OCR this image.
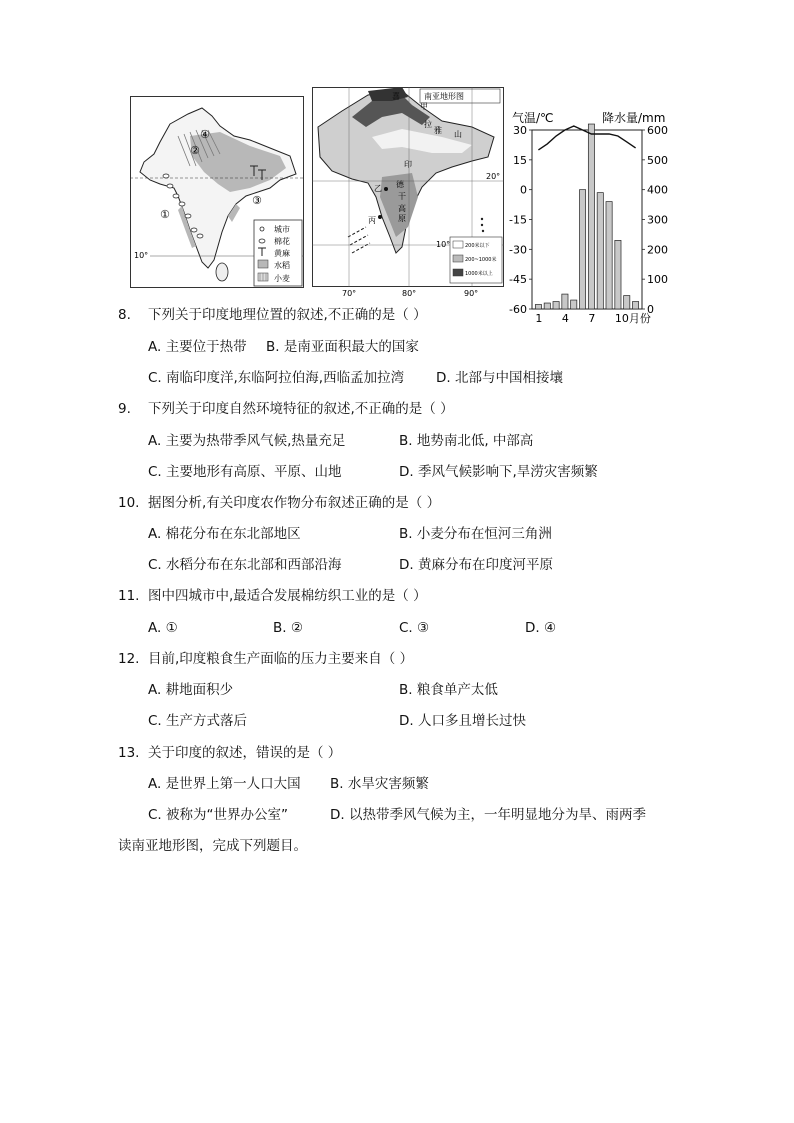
①
②
③
④
10°
城市
棉花
黄麻
水稻
小麦
南亚地形图
喜
甲
拉
雅 山
印
德
干
高
原
乙
丙
20°
10°	200米以下
200~1000米
1000米以上
70°	80°	90°
气温/℃	降水量/mm
30
15
0
-15
-30
-45
-60
600
500
400
300
200
100
0
1 4 7 10月份
8. 下列关于印度地理位置的叙述,不正确的是（ ）
A. 主要位于热带 B. 是南亚面积最大的国家
C. 南临印度洋,东临阿拉伯海,西临孟加拉湾 D. 北部与中国相接壤
9. 下列关于印度自然环境特征的叙述,不正确的是（ ）
A. 主要为热带季风气候,热量充足	B. 地势南北低, 中部高
C. 主要地形有高原、平原、山地	D. 季风气候影响下,旱涝灾害频繁
10. 据图分析,有关印度农作物分布叙述正确的是（ ）
A. 棉花分布在东北部地区	B. 小麦分布在恒河三角洲
C. 水稻分布在东北部和西部沿海	D. 黄麻分布在印度河平原
11. 图中四城市中,最适合发展棉纺织工业的是（ ）
A. ①	B. ②	C. ③	D. ④
12. 目前,印度粮食生产面临的压力主要来自（ ）
A. 耕地面积少	B. 粮食单产太低
C. 生产方式落后	D. 人口多且增长过快
13. 关于印度的叙述，错误的是（ ）
A. 是世界上第一人口大国 B. 水旱灾害频繁
C. 被称为“世界办公室”	D. 以热带季风气候为主，一年明显地分为旱、雨两季
读南亚地形图，完成下列题目。
